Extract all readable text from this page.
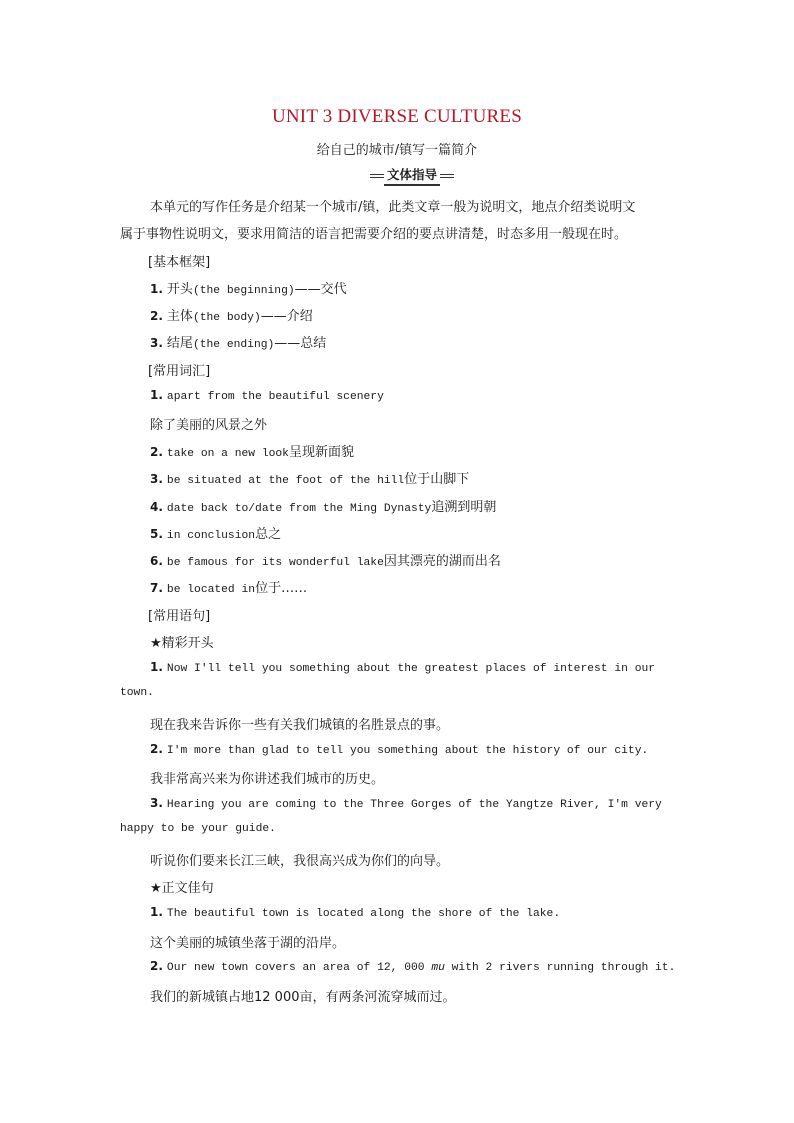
UNIT 3 DIVERSE CULTURES
给自己的城市/镇写一篇简介
文体指导
本单元的写作任务是介绍某一个城市/镇，此类文章一般为说明文，地点介绍类说明文
属于事物性说明文，要求用简洁的语言把需要介绍的要点讲清楚，时态多用一般现在时。
[基本框架]
1. 开头(the beginning)——交代
2. 主体(the body)——介绍
3. 结尾(the ending)——总结
[常用词汇]
1. apart from the beautiful scenery
除了美丽的风景之外
2. take on a new look呈现新面貌
3. be situated at the foot of the hill位于山脚下
4. date back to/date from the Ming Dynasty追溯到明朝
5. in conclusion总之
6. be famous for its wonderful lake因其漂亮的湖而出名
7. be located in位于……
[常用语句]
★精彩开头
1. Now I'll tell you something about the greatest places of interest in our
town.
现在我来告诉你一些有关我们城镇的名胜景点的事。
2. I'm more than glad to tell you something about the history of our city.
我非常高兴来为你讲述我们城市的历史。
3. Hearing you are coming to the Three Gorges of the Yangtze River, I'm very
happy to be your guide.
听说你们要来长江三峡，我很高兴成为你们的向导。
★正文佳句
1. The beautiful town is located along the shore of the lake.
这个美丽的城镇坐落于湖的沿岸。
2. Our new town covers an area of 12, 000 mu with 2 rivers running through it.
我们的新城镇占地12 000亩，有两条河流穿城而过。
